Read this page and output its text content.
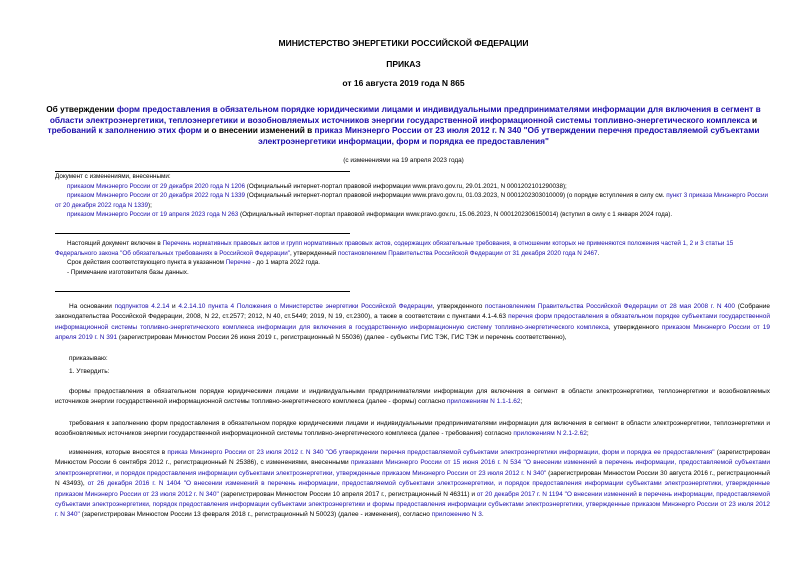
МИНИСТЕРСТВО ЭНЕРГЕТИКИ РОССИЙСКОЙ ФЕДЕРАЦИИ
ПРИКАЗ
от 16 августа 2019 года N 865
Об утверждении форм предоставления в обязательном порядке юридическими лицами и индивидуальными предпринимателями информации для включения в сегмент в области электроэнергетики, теплоэнергетики и возобновляемых источников энергии государственной информационной системы топливно-энергетического комплекса и требований к заполнению этих форм и о внесении изменений в приказ Минэнерго России от 23 июля 2012 г. N 340 "Об утверждении перечня предоставляемой субъектами электроэнергетики информации, форм и порядка ее предоставления"
(с изменениями на 19 апреля 2023 года)

Документ с изменениями, внесенными:

приказом Минэнерго России от 29 декабря 2020 года N 1206 (Официальный интернет-портал правовой информации www.pravo.gov.ru, 29.01.2021, N 0001202101290038);

приказом Минэнерго России от 20 декабря 2022 года N 1339 (Официальный интернет-портал правовой информации www.pravo.gov.ru, 01.03.2023, N 0001202303010009) (о порядке вступления в силу см. пункт 3 приказа Минэнерго России от 20 декабря 2022 года N 1339);

приказом Минэнерго России от 19 апреля 2023 года N 263 (Официальный интернет-портал правовой информации www.pravo.gov.ru, 15.06.2023, N 0001202306150014) (вступил в силу с 1 января 2024 года).

Настоящий документ включен в Перечень нормативных правовых актов и групп нормативных правовых актов, содержащих обязательные требования, в отношении которых не применяются положения частей 1, 2 и 3 статьи 15 Федерального закона "Об обязательных требованиях в Российской Федерации", утвержденный постановлением Правительства Российской Федерации от 31 декабря 2020 года N 2467.

Срок действия соответствующего пункта в указанном Перечне - до 1 марта 2022 года.

- Примечание изготовителя базы данных.

На основании подпунктов 4.2.14 и 4.2.14.10 пункта 4 Положения о Министерстве энергетики Российской Федерации, утвержденного постановлением Правительства Российской Федерации от 28 мая 2008 г. N 400 (Собрание законодательства Российской Федерации, 2008, N 22, ст.2577; 2012, N 40, ст.5449; 2019, N 19, ст.2300), а также в соответствии с пунктами 4.1-4.63 перечня форм предоставления в обязательном порядке субъектами государственной информационной системы топливно-энергетического комплекса информации для включения в государственную информационную систему топливно-энергетического комплекса, утвержденного приказом Минэнерго России от 19 апреля 2019 г. N 391 (зарегистрирован Минюстом России 26 июня 2019 г., регистрационный N 55036) (далее - субъекты ГИС ТЭК, ГИС ТЭК и перечень соответственно),

приказываю:

1. Утвердить:

формы предоставления в обязательном порядке юридическими лицами и индивидуальными предпринимателями информации для включения в сегмент в области электроэнергетики, теплоэнергетики и возобновляемых источников энергии государственной информационной системы топливно-энергетического комплекса (далее - формы) согласно приложениям N 1.1-1.62;

требования к заполнению форм предоставления в обязательном порядке юридическими лицами и индивидуальными предпринимателями информации для включения в сегмент в области электроэнергетики, теплоэнергетики и возобновляемых источников энергии государственной информационной системы топливно-энергетического комплекса (далее - требования) согласно приложениям N 2.1-2.62;

изменения, которые вносятся в приказ Минэнерго России от 23 июля 2012 г. N 340 "Об утверждении перечня предоставляемой субъектами электроэнергетики информации, форм и порядка ее предоставления" (зарегистрирован Минюстом России 6 сентября 2012 г., регистрационный N 25386), с изменениями, внесенными приказами Минэнерго России от 15 июня 2016 г. N 534 "О внесении изменений в перечень информации, предоставляемой субъектами электроэнергетики, и порядок предоставления информации субъектами электроэнергетики, утвержденные приказом Минэнерго России от 23 июля 2012 г. N 340" (зарегистрирован Минюстом России 30 августа 2016 г., регистрационный N 43493), от 26 декабря 2016 г. N 1404 "О внесении изменений в перечень информации, предоставляемой субъектами электроэнергетики, и порядок предоставления информации субъектами электроэнергетики, утвержденные приказом Минэнерго России от 23 июля 2012 г. N 340" (зарегистрирован Минюстом России 10 апреля 2017 г., регистрационный N 46311) и от 20 декабря 2017 г. N 1194 "О внесении изменений в перечень информации, предоставляемой субъектами электроэнергетики, порядок предоставления информации субъектами электроэнергетики и формы предоставления информации субъектами электроэнергетики, утвержденные приказом Минэнерго России от 23 июля 2012 г. N 340" (зарегистрирован Минюстом России 13 февраля 2018 г., регистрационный N 50023) (далее - изменения), согласно приложению N 3.
